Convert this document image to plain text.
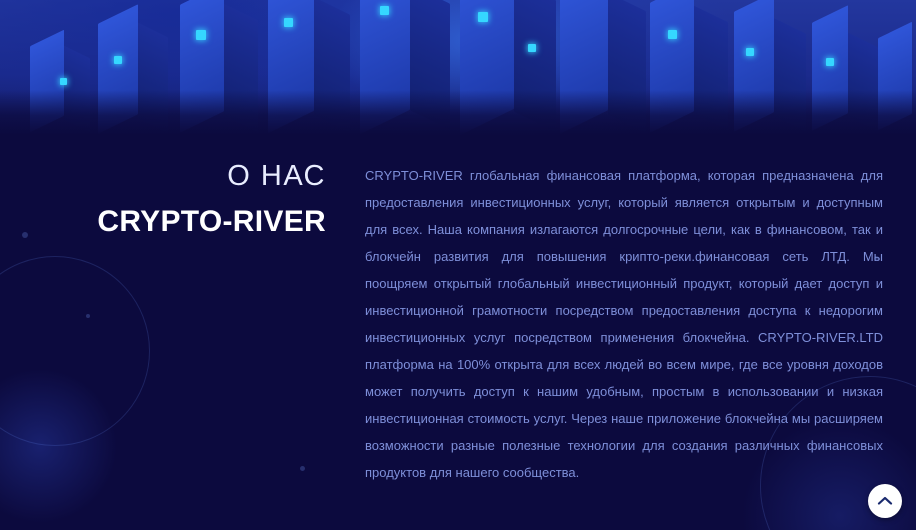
О НАС
CRYPTO-RIVER

CRYPTO-RIVER глобальная финансовая платформа, которая предназначена для предоставления инвестиционных услуг, который является открытым и доступным для всех. Наша компания излагаются долгосрочные цели, как в финансовом, так и блокчейн развития для повышения крипто-реки.финансовая сеть ЛТД. Мы поощряем открытый глобальный инвестиционный продукт, который дает доступ и инвестиционной грамотности посредством предоставления доступа к недорогим инвестиционных услуг посредством применения блокчейна. CRYPTO-RIVER.LTD платформа на 100% открыта для всех людей во всем мире, где все уровня доходов может получить доступ к нашим удобным, простым в использовании и низкая инвестиционная стоимость услуг. Через наше приложение блокчейна мы расширяем возможности разные полезные технологии для создания различных финансовых продуктов для нашего сообщества.
